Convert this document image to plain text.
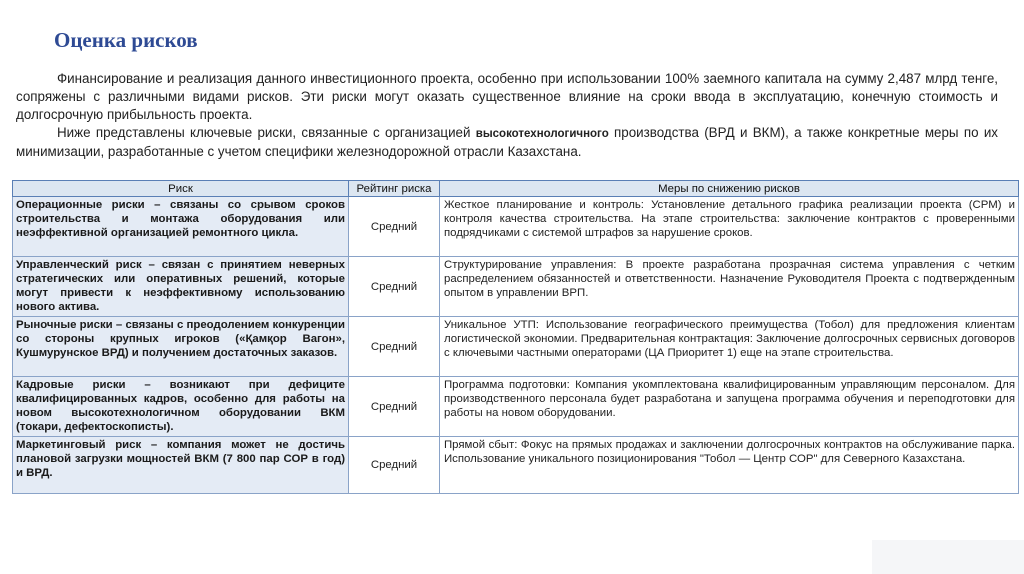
Оценка рисков

Финансирование и реализация данного инвестиционного проекта, особенно при использовании 100% заемного капитала на сумму 2,487 млрд тенге, сопряжены с различными видами рисков. Эти риски могут оказать существенное влияние на сроки ввода в эксплуатацию, конечную стоимость и долгосрочную прибыльность проекта.

Ниже представлены ключевые риски, связанные с организацией высокотехнологичного производства (ВРД и ВКМ), а также конкретные меры по их минимизации, разработанные с учетом специфики железнодорожной отрасли Казахстана.

Риск	Рейтинг риска	Меры по снижению рисков
Операционные риски – связаны со срывом сроков строительства и монтажа оборудования или неэффективной организацией ремонтного цикла.	Средний	Жесткое планирование и контроль: Установление детального графика реализации проекта (СРМ) и контроля качества строительства. На этапе строительства: заключение контрактов с проверенными подрядчиками с системой штрафов за нарушение сроков.
Управленческий риск – связан с принятием неверных стратегических или оперативных решений, которые могут привести к неэффективному использованию нового актива.	Средний	Структурирование управления: В проекте разработана прозрачная система управления с четким распределением обязанностей и ответственности. Назначение Руководителя Проекта с подтвержденным опытом в управлении ВРП.
Рыночные риски – связаны с преодолением конкуренции со стороны крупных игроков («Қамқор Вагон», Кушмурунское ВРД) и получением достаточных заказов.	Средний	Уникальное УТП: Использование географического преимущества (Тобол) для предложения клиентам логистической экономии. Предварительная контрактация: Заключение долгосрочных сервисных договоров с ключевыми частными операторами (ЦА Приоритет 1) еще на этапе строительства.
Кадровые риски – возникают при дефиците квалифицированных кадров, особенно для работы на новом высокотехнологичном оборудовании ВКМ (токари, дефектоскописты).	Средний	Программа подготовки: Компания укомплектована квалифицированным управляющим персоналом. Для производственного персонала будет разработана и запущена программа обучения и переподготовки для работы на новом оборудовании.
Маркетинговый риск – компания может не достичь плановой загрузки мощностей ВКМ (7 800 пар СОР в год) и ВРД.	Средний	Прямой сбыт: Фокус на прямых продажах и заключении долгосрочных контрактов на обслуживание парка. Использование уникального позиционирования "Тобол — Центр СОР" для Северного Казахстана.
